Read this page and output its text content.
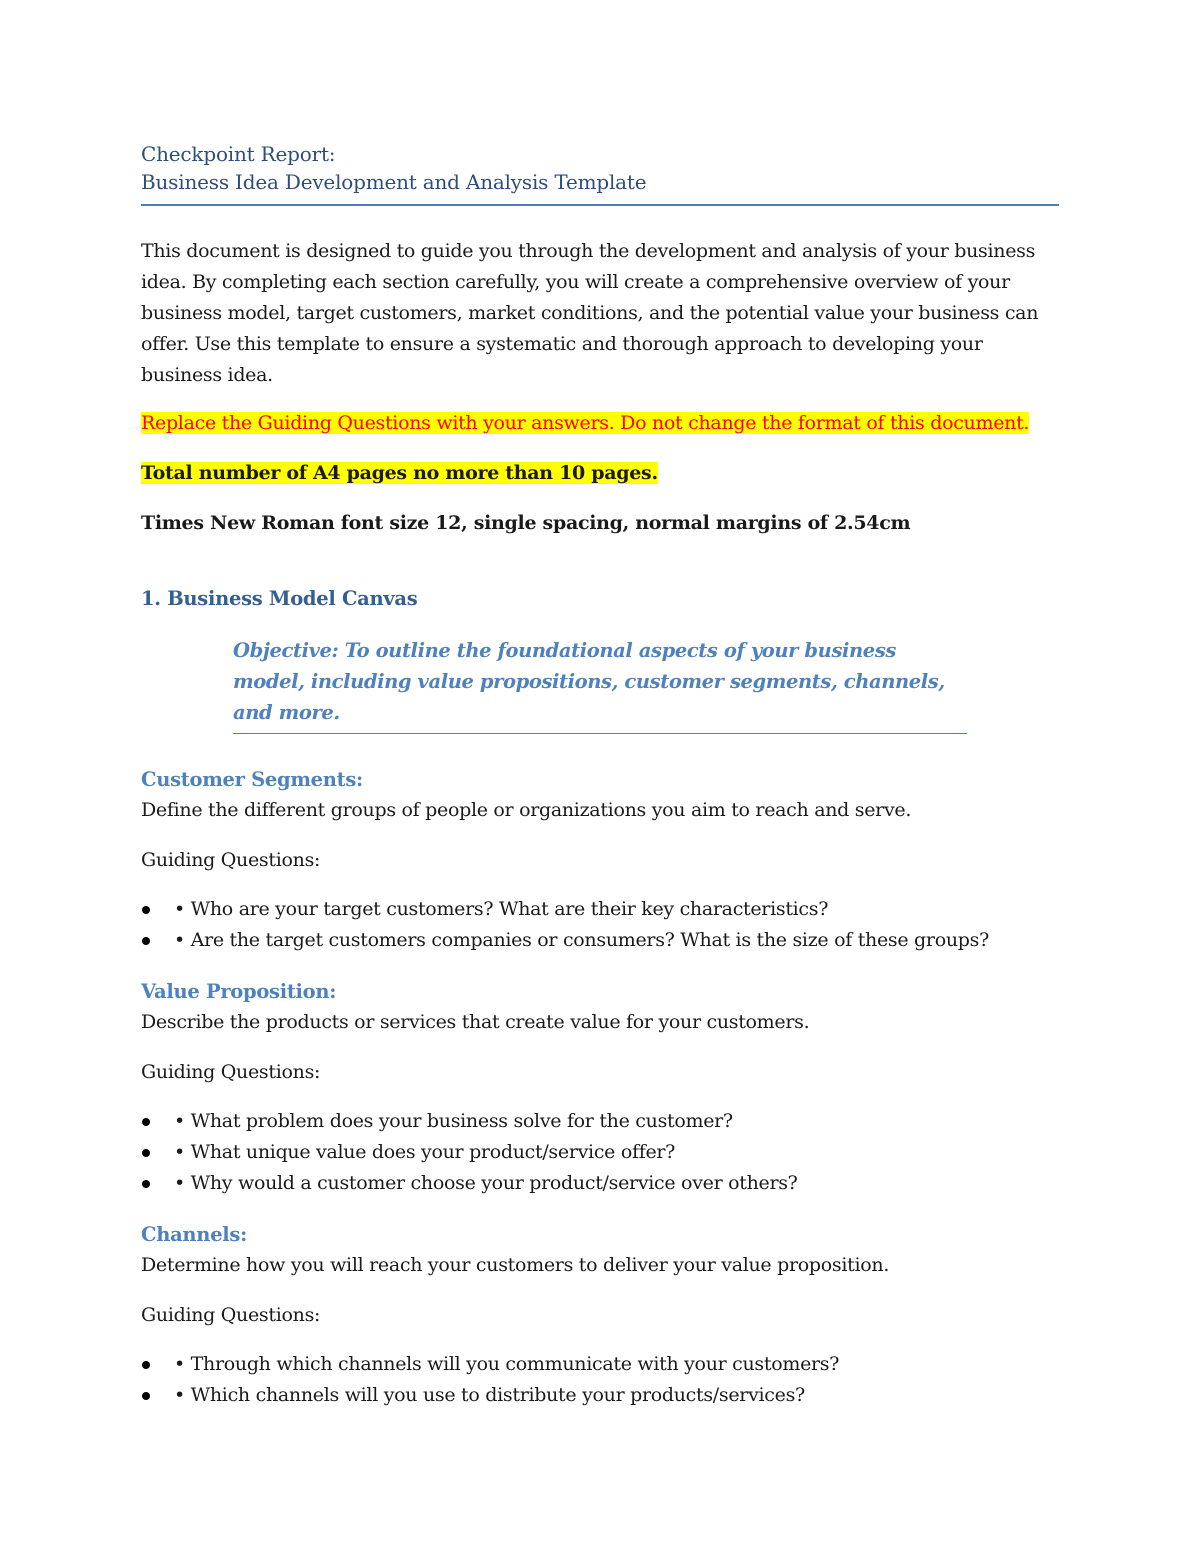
Checkpoint Report:
Business Idea Development and Analysis Template
This document is designed to guide you through the development and analysis of your business idea. By completing each section carefully, you will create a comprehensive overview of your business model, target customers, market conditions, and the potential value your business can offer. Use this template to ensure a systematic and thorough approach to developing your business idea.
Replace the Guiding Questions with your answers. Do not change the format of this document.
Total number of A4 pages no more than 10 pages.
Times New Roman font size 12, single spacing, normal margins of 2.54cm
1. Business Model Canvas
Objective: To outline the foundational aspects of your business model, including value propositions, customer segments, channels, and more.
Customer Segments:
Define the different groups of people or organizations you aim to reach and serve.
Guiding Questions:
• Who are your target customers? What are their key characteristics?
• Are the target customers companies or consumers? What is the size of these groups?
Value Proposition:
Describe the products or services that create value for your customers.
Guiding Questions:
• What problem does your business solve for the customer?
• What unique value does your product/service offer?
• Why would a customer choose your product/service over others?
Channels:
Determine how you will reach your customers to deliver your value proposition.
Guiding Questions:
• Through which channels will you communicate with your customers?
• Which channels will you use to distribute your products/services?
